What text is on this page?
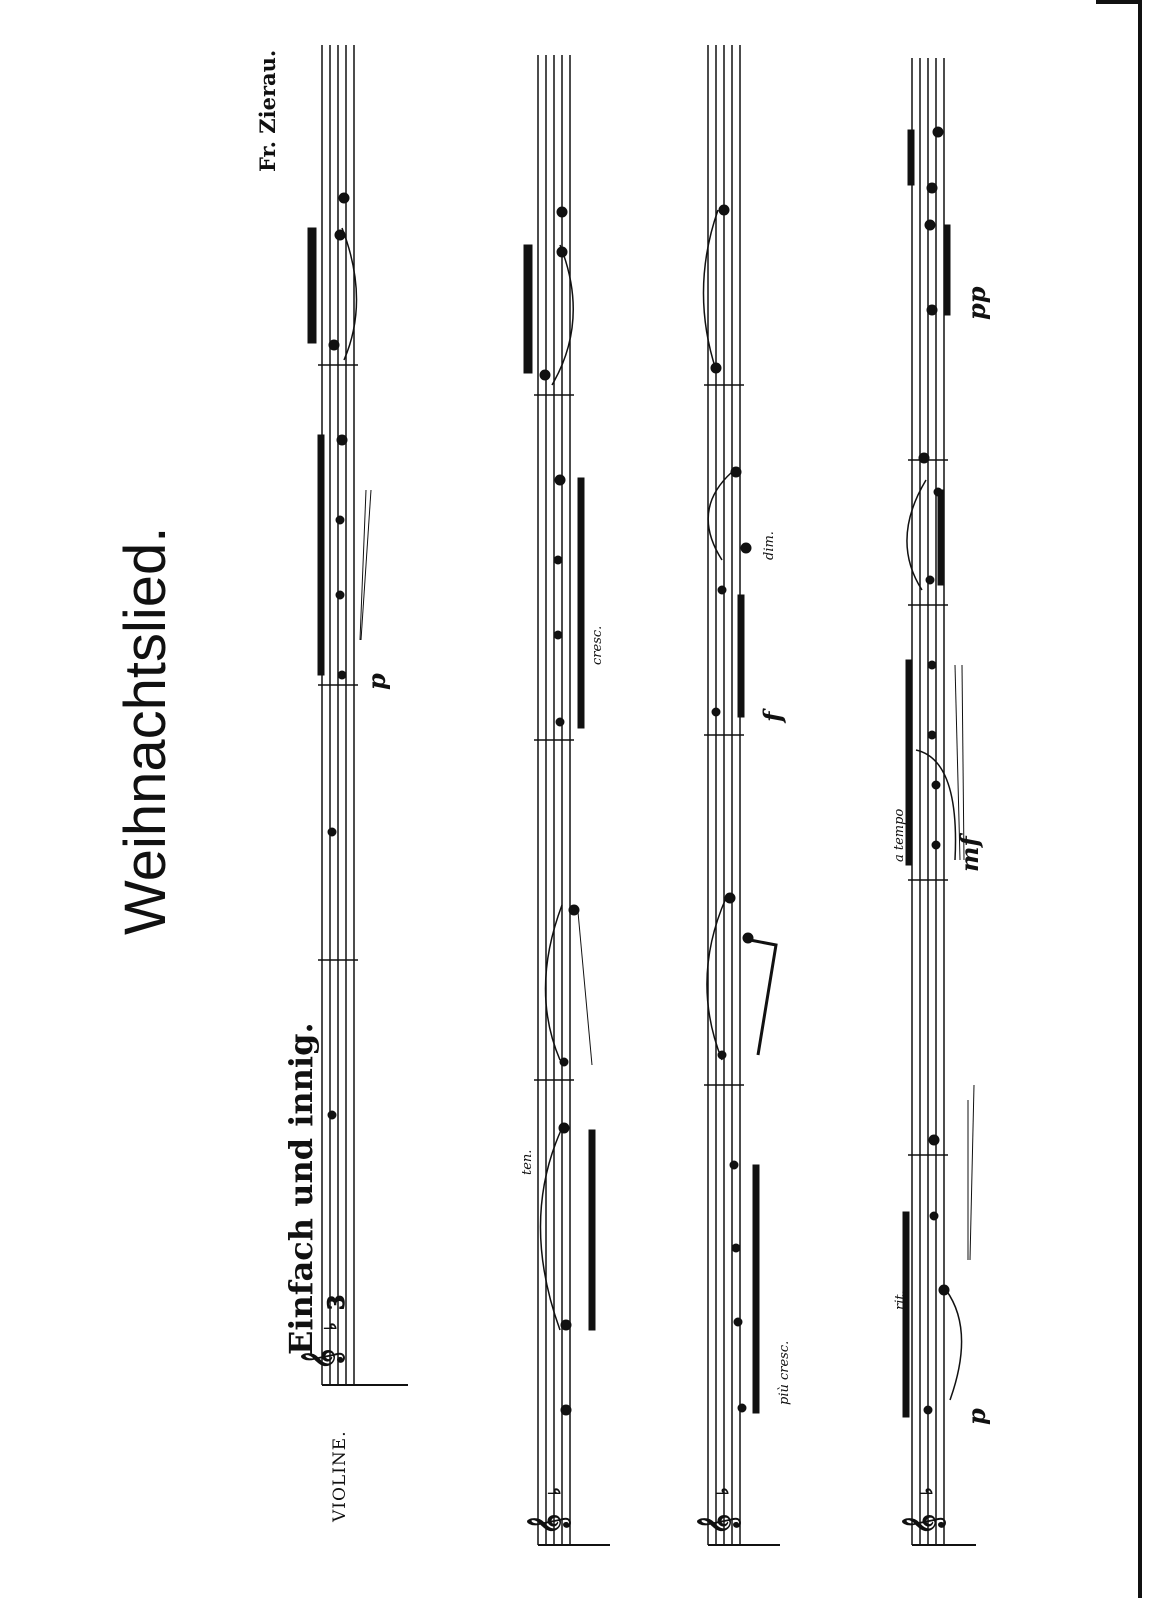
𝄞
♭
3
𝄞
♭
𝄞
♭
𝄞
♭
Weihnachtslied.
Einfach und innig.
Fr. Zierau.
VIOLINE.
p
cresc.
ten.
f
dim.
più cresc.
a tempo mf
rit.
p
pp
